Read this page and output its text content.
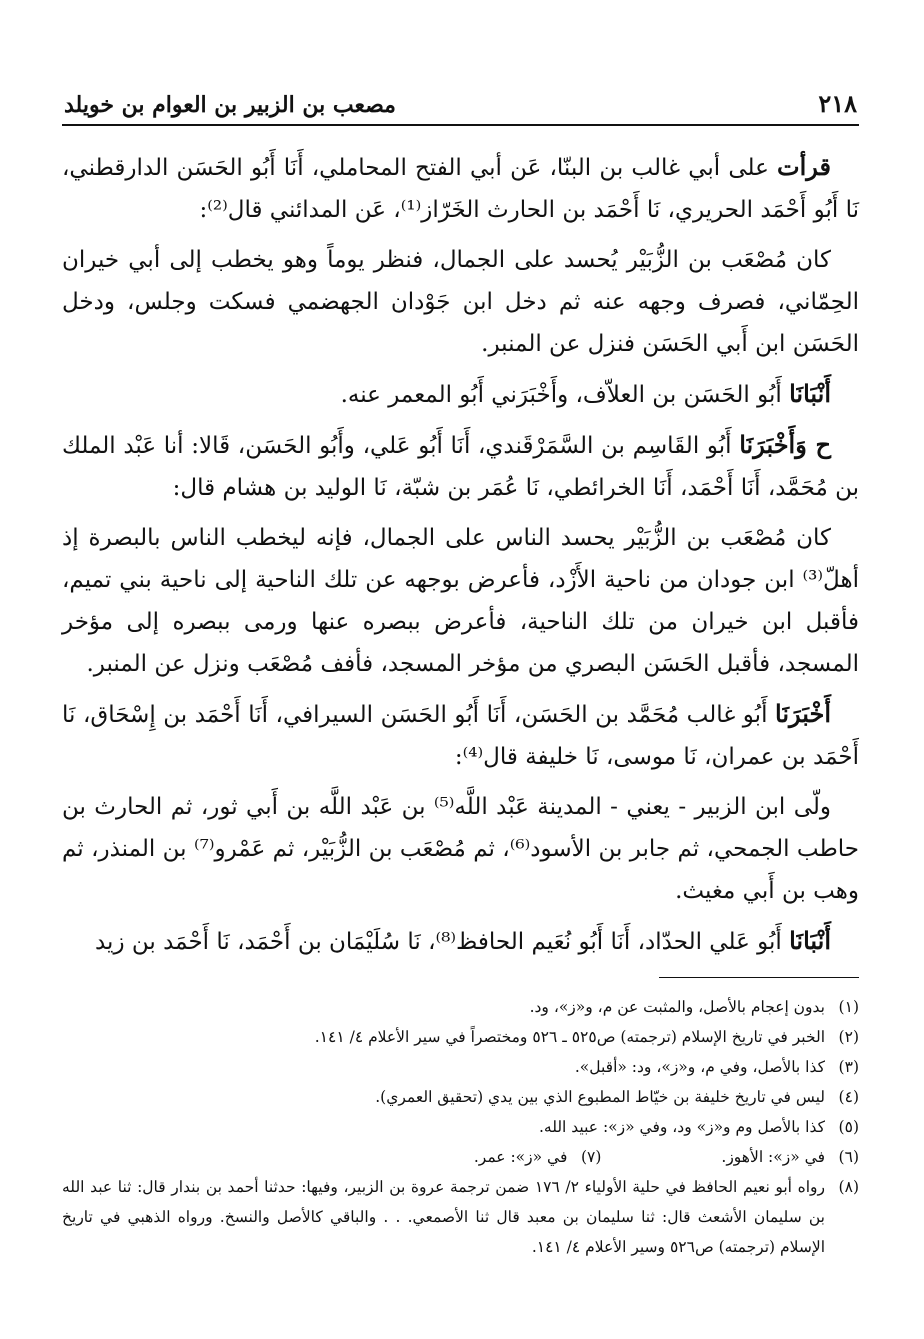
٢١٨
مصعب بن الزبير بن العوام بن خويلد

قرأت على أبي غالب بن البنّا، عَن أبي الفتح المحاملي، أَنَا أَبُو الحَسَن الدارقطني، نَا أَبُو أَحْمَد الحريري، نَا أَحْمَد بن الحارث الخَرّاز⁽¹⁾، عَن المدائني قال⁽²⁾:

كان مُصْعَب بن الزُّبَيْر يُحسد على الجمال، فنظر يوماً وهو يخطب إلى أبي خيران الحِمّاني، فصرف وجهه عنه ثم دخل ابن جَوْدان الجهضمي فسكت وجلس، ودخل الحَسَن ابن أَبي الحَسَن فنزل عن المنبر.

أَنْبَانَا أَبُو الحَسَن بن العلاّف، وأَخْبَرَني أَبُو المعمر عنه.

ح وَأَخْبَرَنَا أَبُو القَاسِم بن السَّمَرْقَندي، أَنَا أَبُو عَلي، وأَبُو الحَسَن، قَالا: أنا عَبْد الملك بن مُحَمَّد، أَنَا أَحْمَد، أَنَا الخرائطي، نَا عُمَر بن شبّة، نَا الوليد بن هشام قال:

كان مُصْعَب بن الزُّبَيْر يحسد الناس على الجمال، فإنه ليخطب الناس بالبصرة إذ أهلّ⁽³⁾ ابن جودان من ناحية الأَزْد، فأعرض بوجهه عن تلك الناحية إلى ناحية بني تميم، فأقبل ابن خيران من تلك الناحية، فأعرض ببصره عنها ورمى ببصره إلى مؤخر المسجد، فأقبل الحَسَن البصري من مؤخر المسجد، فأفف مُصْعَب ونزل عن المنبر.

أَخْبَرَنَا أَبُو غالب مُحَمَّد بن الحَسَن، أَنَا أَبُو الحَسَن السيرافي، أَنَا أَحْمَد بن إِسْحَاق، نَا أَحْمَد بن عمران، نَا موسى، نَا خليفة قال⁽⁴⁾:

ولّى ابن الزبير - يعني - المدينة عَبْد اللَّه⁽⁵⁾ بن عَبْد اللَّه بن أَبي ثور، ثم الحارث بن حاطب الجمحي، ثم جابر بن الأسود⁽⁶⁾، ثم مُصْعَب بن الزُّبَيْر، ثم عَمْرو⁽⁷⁾ بن المنذر، ثم وهب بن أَبي مغيث.

أَنْبَانَا أَبُو عَلي الحدّاد، أَنَا أَبُو نُعَيم الحافظ⁽⁸⁾، نَا سُلَيْمَان بن أَحْمَد، نَا أَحْمَد بن زيد

(١)
بدون إعجام بالأصل، والمثبت عن م، و«ز»، ود.
(٢)
الخبر في تاريخ الإسلام (ترجمته) ص٥٢٥ ـ ٥٢٦ ومختصراً في سير الأعلام ٤/ ١٤١.
(٣)
كذا بالأصل، وفي م، و«ز»، ود: «أقبل».
(٤)
ليس في تاريخ خليفة بن خيّاط المطبوع الذي بين يدي (تحقيق العمري).
(٥)
كذا بالأصل وم و«ز» ود، وفي «ز»: عبيد الله.
(٦)
في «ز»: الأهوز.
(٧)
في «ز»: عمر.
(٨)
رواه أبو نعيم الحافظ في حلية الأولياء ٢/ ١٧٦ ضمن ترجمة عروة بن الزبير، وفيها: حدثنا أحمد بن بندار قال: ثنا عبد الله بن سليمان الأشعث قال: ثنا سليمان بن معبد قال ثنا الأصمعي. . . والباقي كالأصل والنسخ. ورواه الذهبي في تاريخ الإسلام (ترجمته) ص٥٢٦ وسير الأعلام ٤/ ١٤١.
